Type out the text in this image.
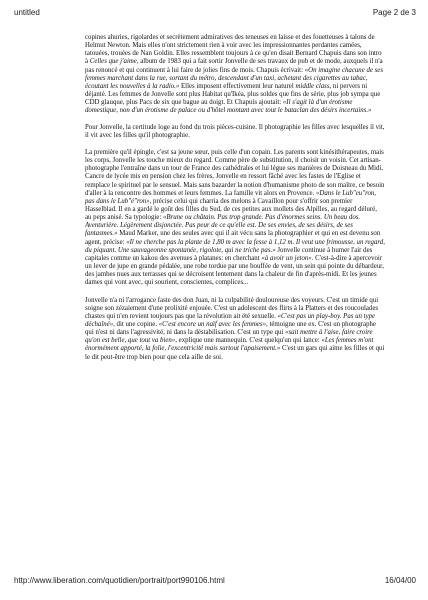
untitled	Page 2 de 3

copines ahuries, rigolardes et secrètement admiratives des teneuses en laisse et des fouetteuses à talons de Helmut Newton. Mais elles n'ont strictement rien à voir avec les impressionnantes perdantes camées, tatouées, trouées de Nan Goldin. Elles ressemblent toujours à ce qu'en disait Bernard Chapuis dans son intro à Celles que j'aime, album de 1983 qui a fait sortir Jonvelle de ses travaux de pub et de mode, auxquels il n'a pas renoncé et qui continuent à lui faire de jolies fins de mois. Chapuis écrivait: «On imagine chacune de ses femmes marchant dans la rue, sortant du métro, descendant d'un taxi, achetant des cigarettes au tabac, écoutant les nouvelles à la radio.» Elles imposent effectivement leur naturel middle class, ni pervers ni déjanté. Les femmes de Jonvelle sont plus Habitat qu'Ikéa, plus soldes que fins de série, plus job sympa que CDD glauque, plus Pacs de six que bague au doigt. Et Chapuis ajoutait: «Il s'agit là d'un érotisme domestique, non d'un érotisme de palace ou d'hôtel montant avec tout le bataclan des désirs incertains.»

Pour Jonvelle, la certitude loge au fond du trois pièces-cuisine. Il photographie les filles avec lesquelles il vit, il vit avec les filles qu'il photographie.

La première qu'il épingle, c'est sa jeune sœur, puis celle d'un copain. Les parents sont kinésithérapeutes, mais les corps, Jonvelle les touche mieux du regard. Comme père de substitution, il choisit un voisin. Cet artisan-photographe l'entraîne dans un tour de France des cathédrales et lui légue ses manières de Doisneau du Midi. Cancre de lycée mis en pension chez les frères, Jonvelle en ressort fâché avec les fastes de l'Eglise et remplace le spirituel par le sensuel. Mais sans bazarder la notion d'humanisme photo de son maître, ce besoin d'aller à la rencontre des hommes et leurs femmes. La famille vit alors en Provence. «Dans le Lub"eu"ron, pas dans le Lub"é"ron», précise celui qui charria des melons à Cavaillon pour s'offrir son premier Hasselblad. Il en a gardé le goût des filles du Sud, de ces petites aux mollets des Alpilles, au regard déluré, au peps anisé. Sa typologie: «Brune ou châtain. Pas trop grande. Pas d'énormes seins. Un beau dos. Aventurière. Légèrement disjonctée. Pas peur de ce qu'elle est. De ses envies, de ses désirs, de ses fantasmes.» Maud Marker, une des seules avec qui il ait vécu sans la photographier et qui en est devenu son agent, précise: «Il ne cherche pas la plante de 1,80 m avec la fesse à 1,12 m. Il veut une frimousse, un regard, du piquant. Une sauvageonne spontanée, rigolote, qui ne triche pas.» Jonvelle continue à humer l'air des capitales comme un kakou des avenues à platanes: en cherchant «à avoir un jeton». C'est-à-dire à apercevoir un lever de jupe en grande pédalée, une robe tordue par une bouffée de vent, un sein qui pointe du débardeur, des jambes nues aux terrasses qui se décroisent lentement dans la chaleur de fin d'après-midi. Et les jeunes dames qui vont avec, qui sourient, conscientes, complices...

Jonvelle n'a ni l'arrogance faste des don Juan, ni la culpabilité douloureuse des voyeurs. C'est un timide qui soigne son zézaiement d'une prolixité enjouée. C'est un adolescent des flirts à la Platters et des roucoulades chastes qui n'en revient toujours pas que la révolution ait été sexuelle. «C'est pas un play-boy. Pas un type déchaîné», dit une copine. «C'est encore un naïf avec les femmes», témoigne une ex. C'est un photographe qui n'est ni dans l'agressivité, ni dans la déstabilisation. C'est un type qui «sait mettre à l'aise, faire croire qu'on est belle, que tout va bien», explique une mannequin. C'est quelqu'un qui lance: «Les femmes m'ont énormément apporté, la folie, l'excentricité mais surtout l'apaisement.» C'est un gars qui aime les filles et qui le dit peut-être trop bien pour que cela aille de soi.

http://www.liberation.com/quotidien/portrait/port990106.html	16/04/00
